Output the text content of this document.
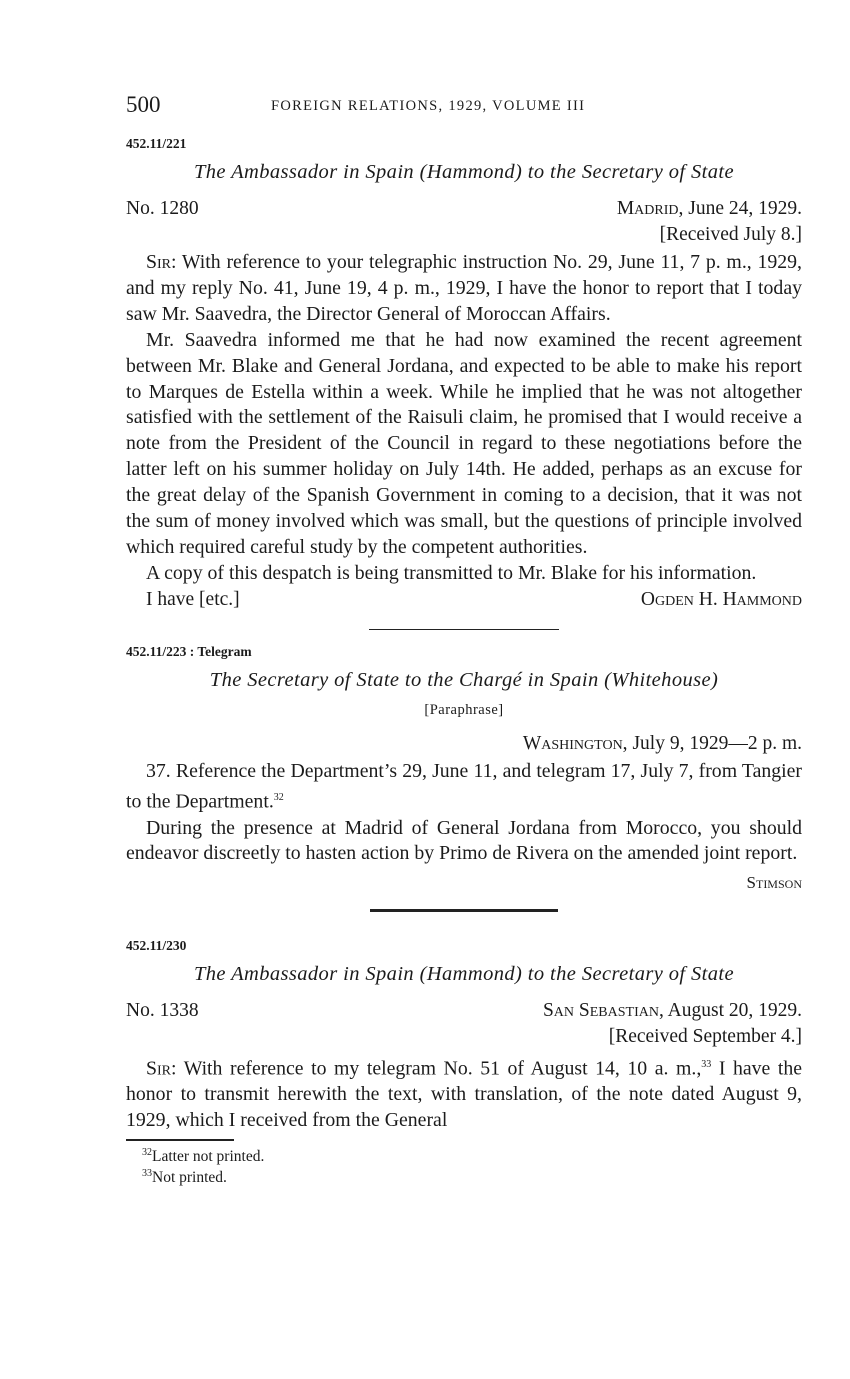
500	FOREIGN RELATIONS, 1929, VOLUME III
452.11/221
The Ambassador in Spain (Hammond) to the Secretary of State
No. 1280	Madrid, June 24, 1929.
[Received July 8.]

Sir: With reference to your telegraphic instruction No. 29, June 11, 7 p. m., 1929, and my reply No. 41, June 19, 4 p. m., 1929, I have the honor to report that I today saw Mr. Saavedra, the Director General of Moroccan Affairs.

Mr. Saavedra informed me that he had now examined the recent agreement between Mr. Blake and General Jordana, and expected to be able to make his report to Marques de Estella within a week. While he implied that he was not altogether satisfied with the settlement of the Raisuli claim, he promised that I would receive a note from the President of the Council in regard to these negotiations before the latter left on his summer holiday on July 14th. He added, perhaps as an excuse for the great delay of the Spanish Government in coming to a decision, that it was not the sum of money involved which was small, but the questions of principle involved which required careful study by the competent authorities.

A copy of this despatch is being transmitted to Mr. Blake for his information.

I have [etc.]	Ogden H. Hammond
452.11/223 : Telegram
The Secretary of State to the Chargé in Spain (Whitehouse)
[Paraphrase]
Washington, July 9, 1929—2 p. m.

37. Reference the Department’s 29, June 11, and telegram 17, July 7, from Tangier to the Department.$^{32}$

During the presence at Madrid of General Jordana from Morocco, you should endeavor discreetly to hasten action by Primo de Rivera on the amended joint report.

Stimson
452.11/230
The Ambassador in Spain (Hammond) to the Secretary of State
No. 1338	San Sebastian, August 20, 1929.
[Received September 4.]

Sir: With reference to my telegram No. 51 of August 14, 10 a. m.,$^{33}$ I have the honor to transmit herewith the text, with translation, of the note dated August 9, 1929, which I received from the General

$^{32}$Latter not printed.
$^{33}$Not printed.
